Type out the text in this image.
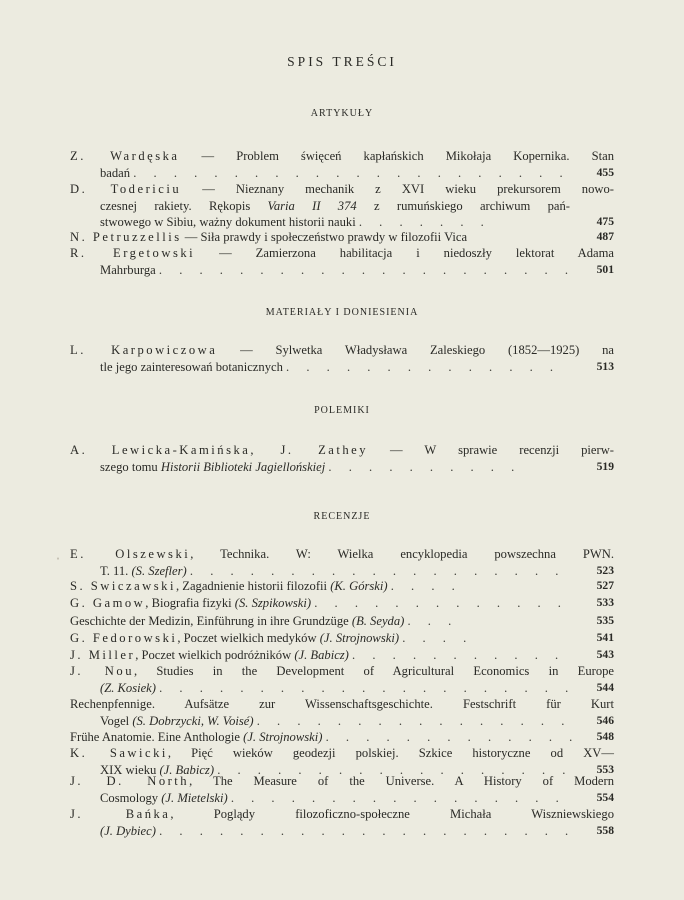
SPIS TREŚCI
ARTYKUŁY
Z. Wardęska — Problem święceń kapłańskich Mikołaja Kopernika. Stan
badań . . . . . . . . . . . . . . . . . . . . . . 455
D. Todericiu — Nieznany mechanik z XVI wieku prekursorem nowo-
czesnej rakiety. Rękopis Varia II 374 z rumuńskiego archiwum pań-
stwowego w Sibiu, ważny dokument historii nauki . . . . . . .	475
N. Petruzzellis — Siła prawdy i społeczeństwo prawdy w filozofii Vica	487
R. Ergetowski — Zamierzona habilitacja i niedoszły lektorat Adama
Mahrburga . . . . . . . . . . . . . . . . . . . . . 501
MATERIAŁY I DONIESIENIA
L. Karpowiczowa — Sylwetka Władysława Zaleskiego (1852—1925) na
tle jego zainteresowań botanicznych . . . . . . . . . . . . . .	513
POLEMIKI
A. Lewicka-Kamińska, J. Zathey — W sprawie recenzji pierw-
szego tomu Historii Biblioteki Jagiellońskiej . . . . . . . . . .	519
RECENZJE
ˌ E. Olszewski, Technika. W: Wielka encyklopedia powszechna PWN.
T. 11. (S. Szefler) . . . . . . . . . . . . . . . . . . .	523
S. Swiczawski, Zagadnienie historii filozofii (K. Górski) . . . .	527
G. Gamow, Biografia fizyki (S. Szpikowski) . . . . . . . . . . . . . 533
Geschichte der Medizin, Einführung in ihre Grundzüge (B. Seyda) . . .	535
G. Fedorowski, Poczet wielkich medyków (J. Strojnowski) . . . .	541
J. Miller, Poczet wielkich podróżników (J. Babicz) . . . . . . . . . . .	543
J. Nou, Studies in the Development of Agricultural Economics in Europe
(Z. Kosiek) . . . . . . . . . . . . . . . . . . . . . 544
Rechenpfennige. Aufsätze zur Wissenschaftsgeschichte. Festschrift für Kurt
Vogel (S. Dobrzycki, W. Voisé) . . . . . . . . . . . . . . . . 546
Frühe Anatomie. Eine Anthologie (J. Strojnowski) . . . . . . . . . . . . . 548
K. Sawicki, Pięć wieków geodezji polskiej. Szkice historyczne od XV—
XIX wieku (J. Babicz) . . . . . . . . . . . . . . . . . . 553
J. D. North, The Measure of the Universe. A History of Modern
Cosmology (J. Mietelski) . . . . . . . . . . . . . . . . .	554
J. Bańka, Poglądy filozoficzno-społeczne Michała Wiszniewskiego
(J. Dybiec) . . . . . . . . . . . . . . . . . . . . . 558
